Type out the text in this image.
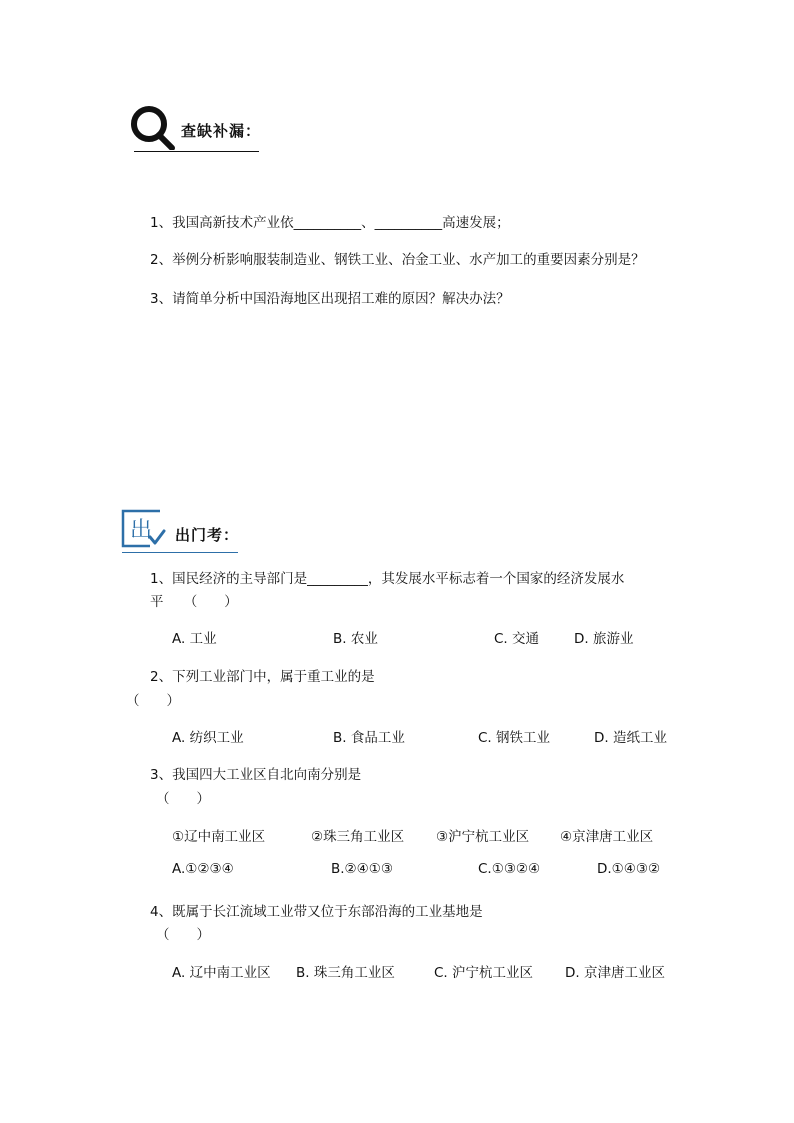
查缺补漏：
1、我国高新技术产业依__________、__________高速发展；
2、举例分析影响服装制造业、钢铁工业、冶金工业、水产加工的重要因素分别是？
3、请简单分析中国沿海地区出现招工难的原因？解决办法？
出 出门考：
1、国民经济的主导部门是_________，其发展水平标志着一个国家的经济发展水
平　　（　　）
A. 工业	B. 农业	C. 交通	D. 旅游业
2、下列工业部门中，属于重工业的是
（　　）
A. 纺织工业	B. 食品工业	C. 钢铁工业	D. 造纸工业
3、我国四大工业区自北向南分别是
（　　）
①辽中南工业区	②珠三角工业区 ③沪宁杭工业区 ④京津唐工业区
A.①②③④	B.②④①③	C.①③②④	D.①④③②
4、既属于长江流域工业带又位于东部沿海的工业基地是
（　　）
A. 辽中南工业区 B. 珠三角工业区	C. 沪宁杭工业区 D. 京津唐工业区
